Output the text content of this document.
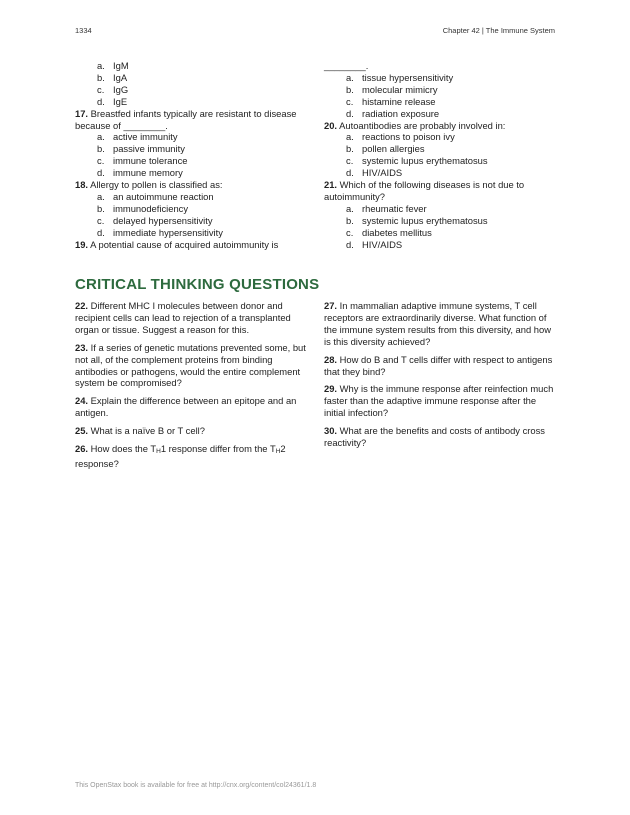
1334	Chapter 42 | The Immune System
a. IgM
b. IgA
c. IgG
d. IgE
17. Breastfed infants typically are resistant to disease because of ________.
a. active immunity
b. passive immunity
c. immune tolerance
d. immune memory
18. Allergy to pollen is classified as:
a. an autoimmune reaction
b. immunodeficiency
c. delayed hypersensitivity
d. immediate hypersensitivity
19. A potential cause of acquired autoimmunity is
________.
a. tissue hypersensitivity
b. molecular mimicry
c. histamine release
d. radiation exposure
20. Autoantibodies are probably involved in:
a. reactions to poison ivy
b. pollen allergies
c. systemic lupus erythematosus
d. HIV/AIDS
21. Which of the following diseases is not due to autoimmunity?
a. rheumatic fever
b. systemic lupus erythematosus
c. diabetes mellitus
d. HIV/AIDS
CRITICAL THINKING QUESTIONS
22. Different MHC I molecules between donor and recipient cells can lead to rejection of a transplanted organ or tissue. Suggest a reason for this.
23. If a series of genetic mutations prevented some, but not all, of the complement proteins from binding antibodies or pathogens, would the entire complement system be compromised?
24. Explain the difference between an epitope and an antigen.
25. What is a naïve B or T cell?
26. How does the TH1 response differ from the TH2 response?
27. In mammalian adaptive immune systems, T cell receptors are extraordinarily diverse. What function of the immune system results from this diversity, and how is this diversity achieved?
28. How do B and T cells differ with respect to antigens that they bind?
29. Why is the immune response after reinfection much faster than the adaptive immune response after the initial infection?
30. What are the benefits and costs of antibody cross reactivity?
This OpenStax book is available for free at http://cnx.org/content/col24361/1.8
